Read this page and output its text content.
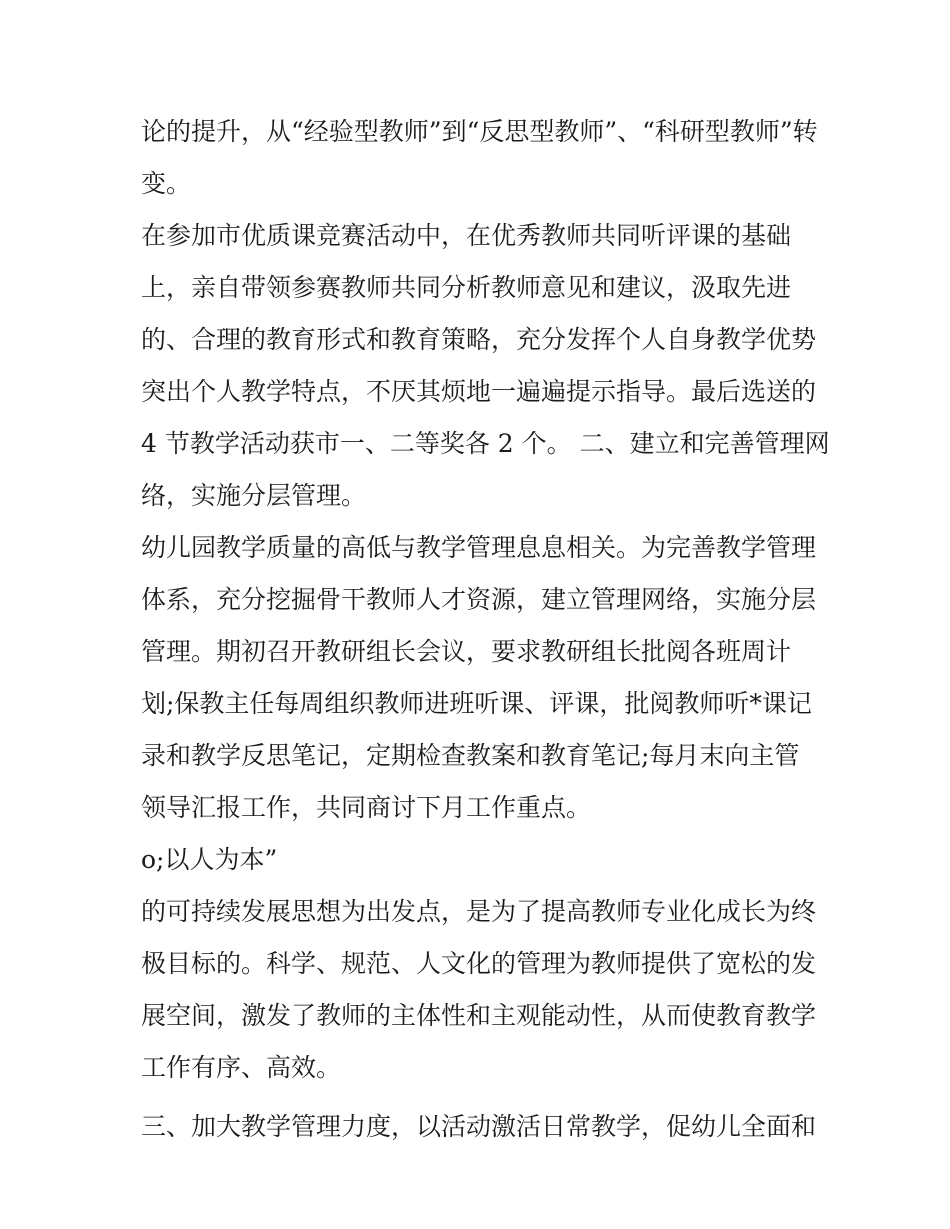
论的提升，从“经验型教师”到“反思型教师”、“科研型教师”转
变。
在参加市优质课竞赛活动中，在优秀教师共同听评课的基础
上，亲自带领参赛教师共同分析教师意见和建议，汲取先进
的、合理的教育形式和教育策略，充分发挥个人自身教学优势
突出个人教学特点，不厌其烦地一遍遍提示指导。最后选送的
4 节教学活动获市一、二等奖各 2 个。 二、建立和完善管理网
络，实施分层管理。
幼儿园教学质量的高低与教学管理息息相关。为完善教学管理
体系，充分挖掘骨干教师人才资源，建立管理网络，实施分层
管理。期初召开教研组长会议，要求教研组长批阅各班周计
划;保教主任每周组织教师进班听课、评课，批阅教师听*课记
录和教学反思笔记，定期检查教案和教育笔记;每月末向主管
领导汇报工作，共同商讨下月工作重点。
o;以人为本”
的可持续发展思想为出发点，是为了提高教师专业化成长为终
极目标的。科学、规范、人文化的管理为教师提供了宽松的发
展空间，激发了教师的主体性和主观能动性，从而使教育教学
工作有序、高效。
三、加大教学管理力度，以活动激活日常教学，促幼儿全面和
